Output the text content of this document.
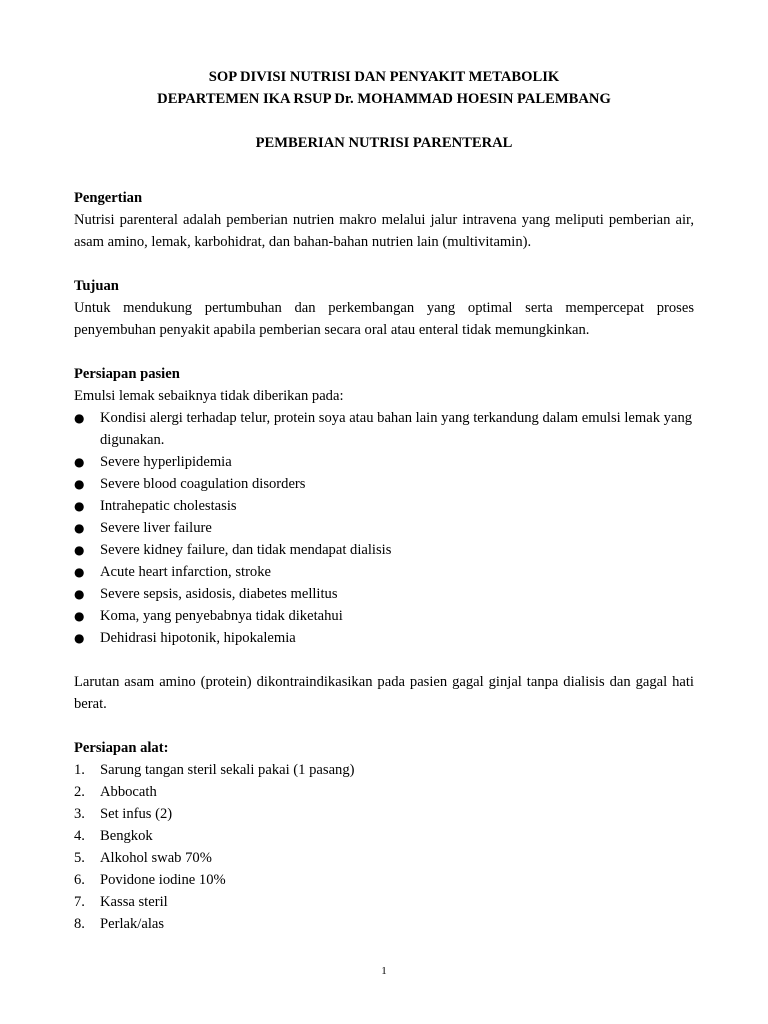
SOP DIVISI NUTRISI DAN PENYAKIT METABOLIK

DEPARTEMEN IKA RSUP Dr. MOHAMMAD HOESIN PALEMBANG

PEMBERIAN NUTRISI PARENTERAL

Pengertian

Nutrisi parenteral adalah pemberian nutrien makro melalui jalur intravena yang meliputi pemberian air, asam amino, lemak, karbohidrat, dan bahan-bahan nutrien lain (multivitamin).

Tujuan

Untuk mendukung pertumbuhan dan perkembangan yang optimal serta mempercepat proses penyembuhan penyakit apabila pemberian secara oral atau enteral tidak memungkinkan.

Persiapan pasien

Emulsi lemak sebaiknya tidak diberikan pada:

●	Kondisi alergi terhadap telur, protein soya atau bahan lain yang terkandung dalam emulsi lemak yang digunakan.
●	Severe hyperlipidemia
●	Severe blood coagulation disorders
●	Intrahepatic cholestasis
●	Severe liver failure
●	Severe kidney failure, dan tidak mendapat dialisis
●	Acute heart infarction, stroke
●	Severe sepsis, asidosis, diabetes mellitus
●	Koma, yang penyebabnya tidak diketahui
●	Dehidrasi hipotonik, hipokalemia

Larutan asam amino (protein) dikontraindikasikan pada pasien gagal ginjal tanpa dialisis dan gagal hati berat.

Persiapan alat:
1.	Sarung tangan steril sekali pakai (1 pasang)
2.	Abbocath
3.	Set infus (2)
4.	Bengkok
5.	Alkohol swab 70%
6.	Povidone iodine 10%
7.	Kassa steril
8.	Perlak/alas
1
